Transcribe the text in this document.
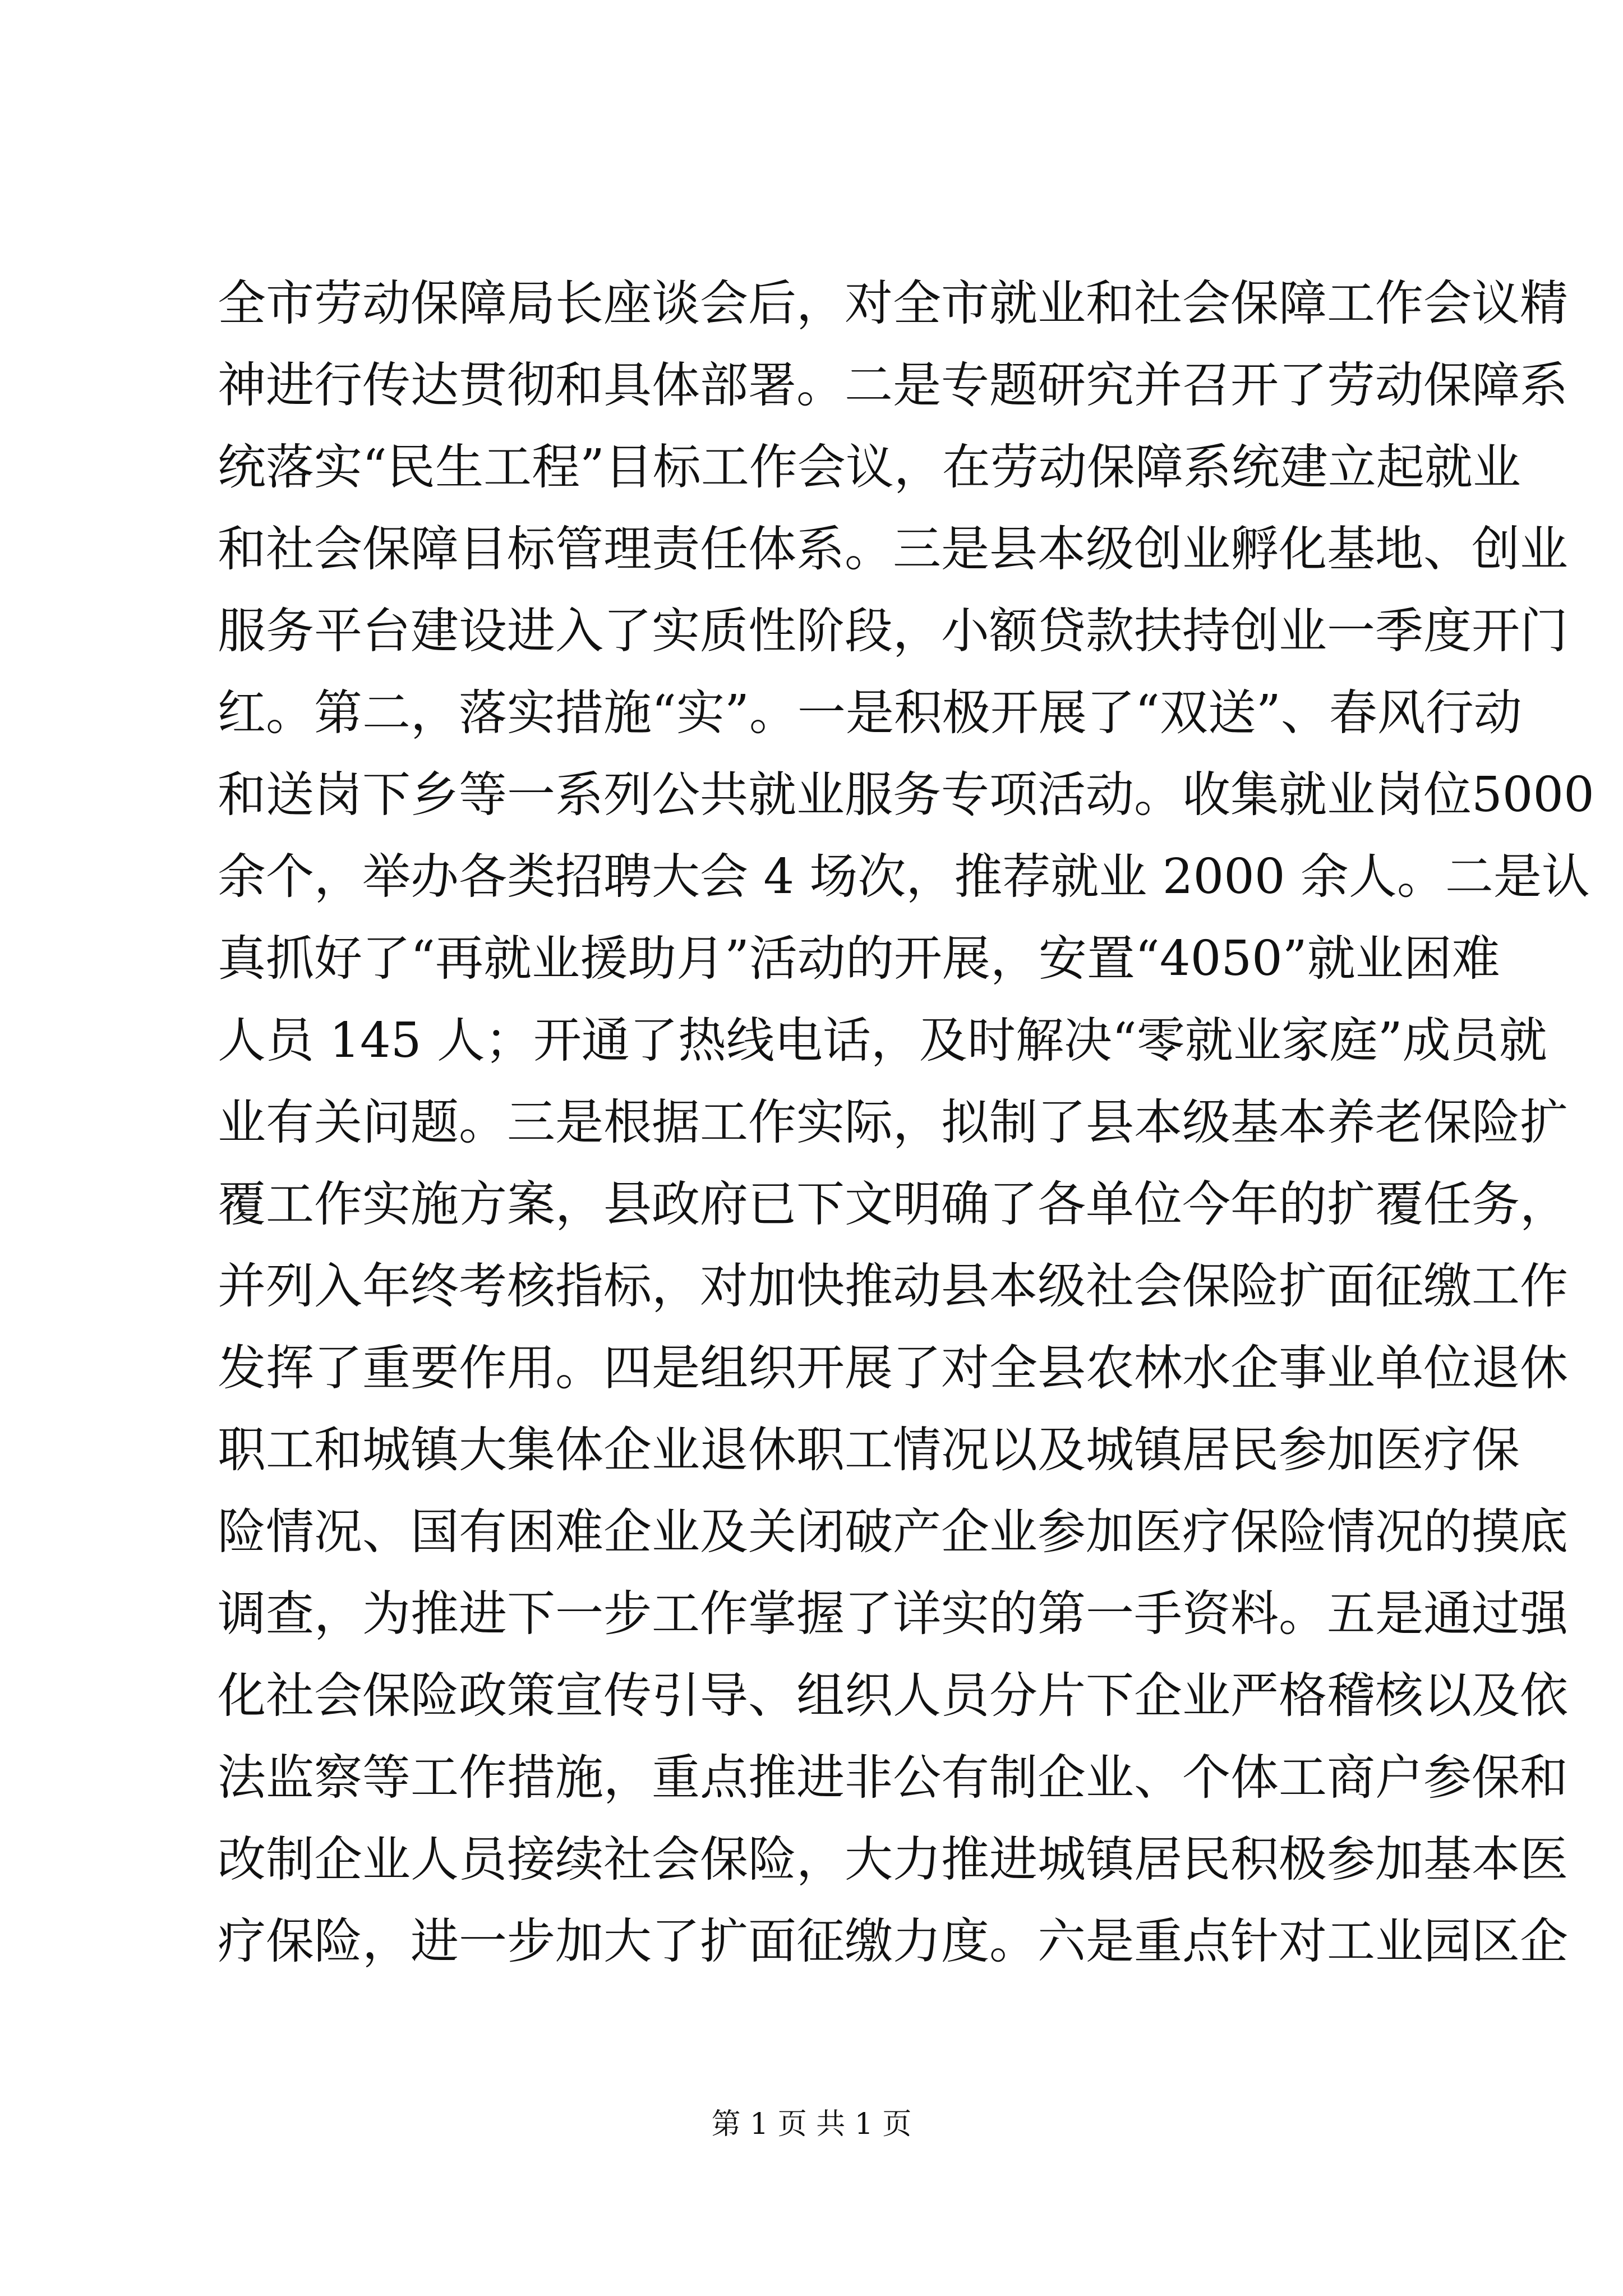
全市劳动保障局长座谈会后，对全市就业和社会保障工作会议精
神进行传达贯彻和具体部署。二是专题研究并召开了劳动保障系
统落实“民生工程”目标工作会议，在劳动保障系统建立起就业
和社会保障目标管理责任体系。三是县本级创业孵化基地、创业
服务平台建设进入了实质性阶段，小额贷款扶持创业一季度开门
红。第二，落实措施“实”。一是积极开展了“双送”、春风行动
和送岗下乡等一系列公共就业服务专项活动。收集就业岗位5000
余个，举办各类招聘大会 4 场次，推荐就业 2000 余人。二是认
真抓好了“再就业援助月”活动的开展，安置“4050”就业困难
人员 145 人；开通了热线电话，及时解决“零就业家庭”成员就
业有关问题。三是根据工作实际，拟制了县本级基本养老保险扩
覆工作实施方案，县政府已下文明确了各单位今年的扩覆任务，
并列入年终考核指标，对加快推动县本级社会保险扩面征缴工作
发挥了重要作用。四是组织开展了对全县农林水企事业单位退休
职工和城镇大集体企业退休职工情况以及城镇居民参加医疗保
险情况、国有困难企业及关闭破产企业参加医疗保险情况的摸底
调查，为推进下一步工作掌握了详实的第一手资料。五是通过强
化社会保险政策宣传引导、组织人员分片下企业严格稽核以及依
法监察等工作措施，重点推进非公有制企业、个体工商户参保和
改制企业人员接续社会保险，大力推进城镇居民积极参加基本医
疗保险，进一步加大了扩面征缴力度。六是重点针对工业园区企
第 1 页 共 1 页
